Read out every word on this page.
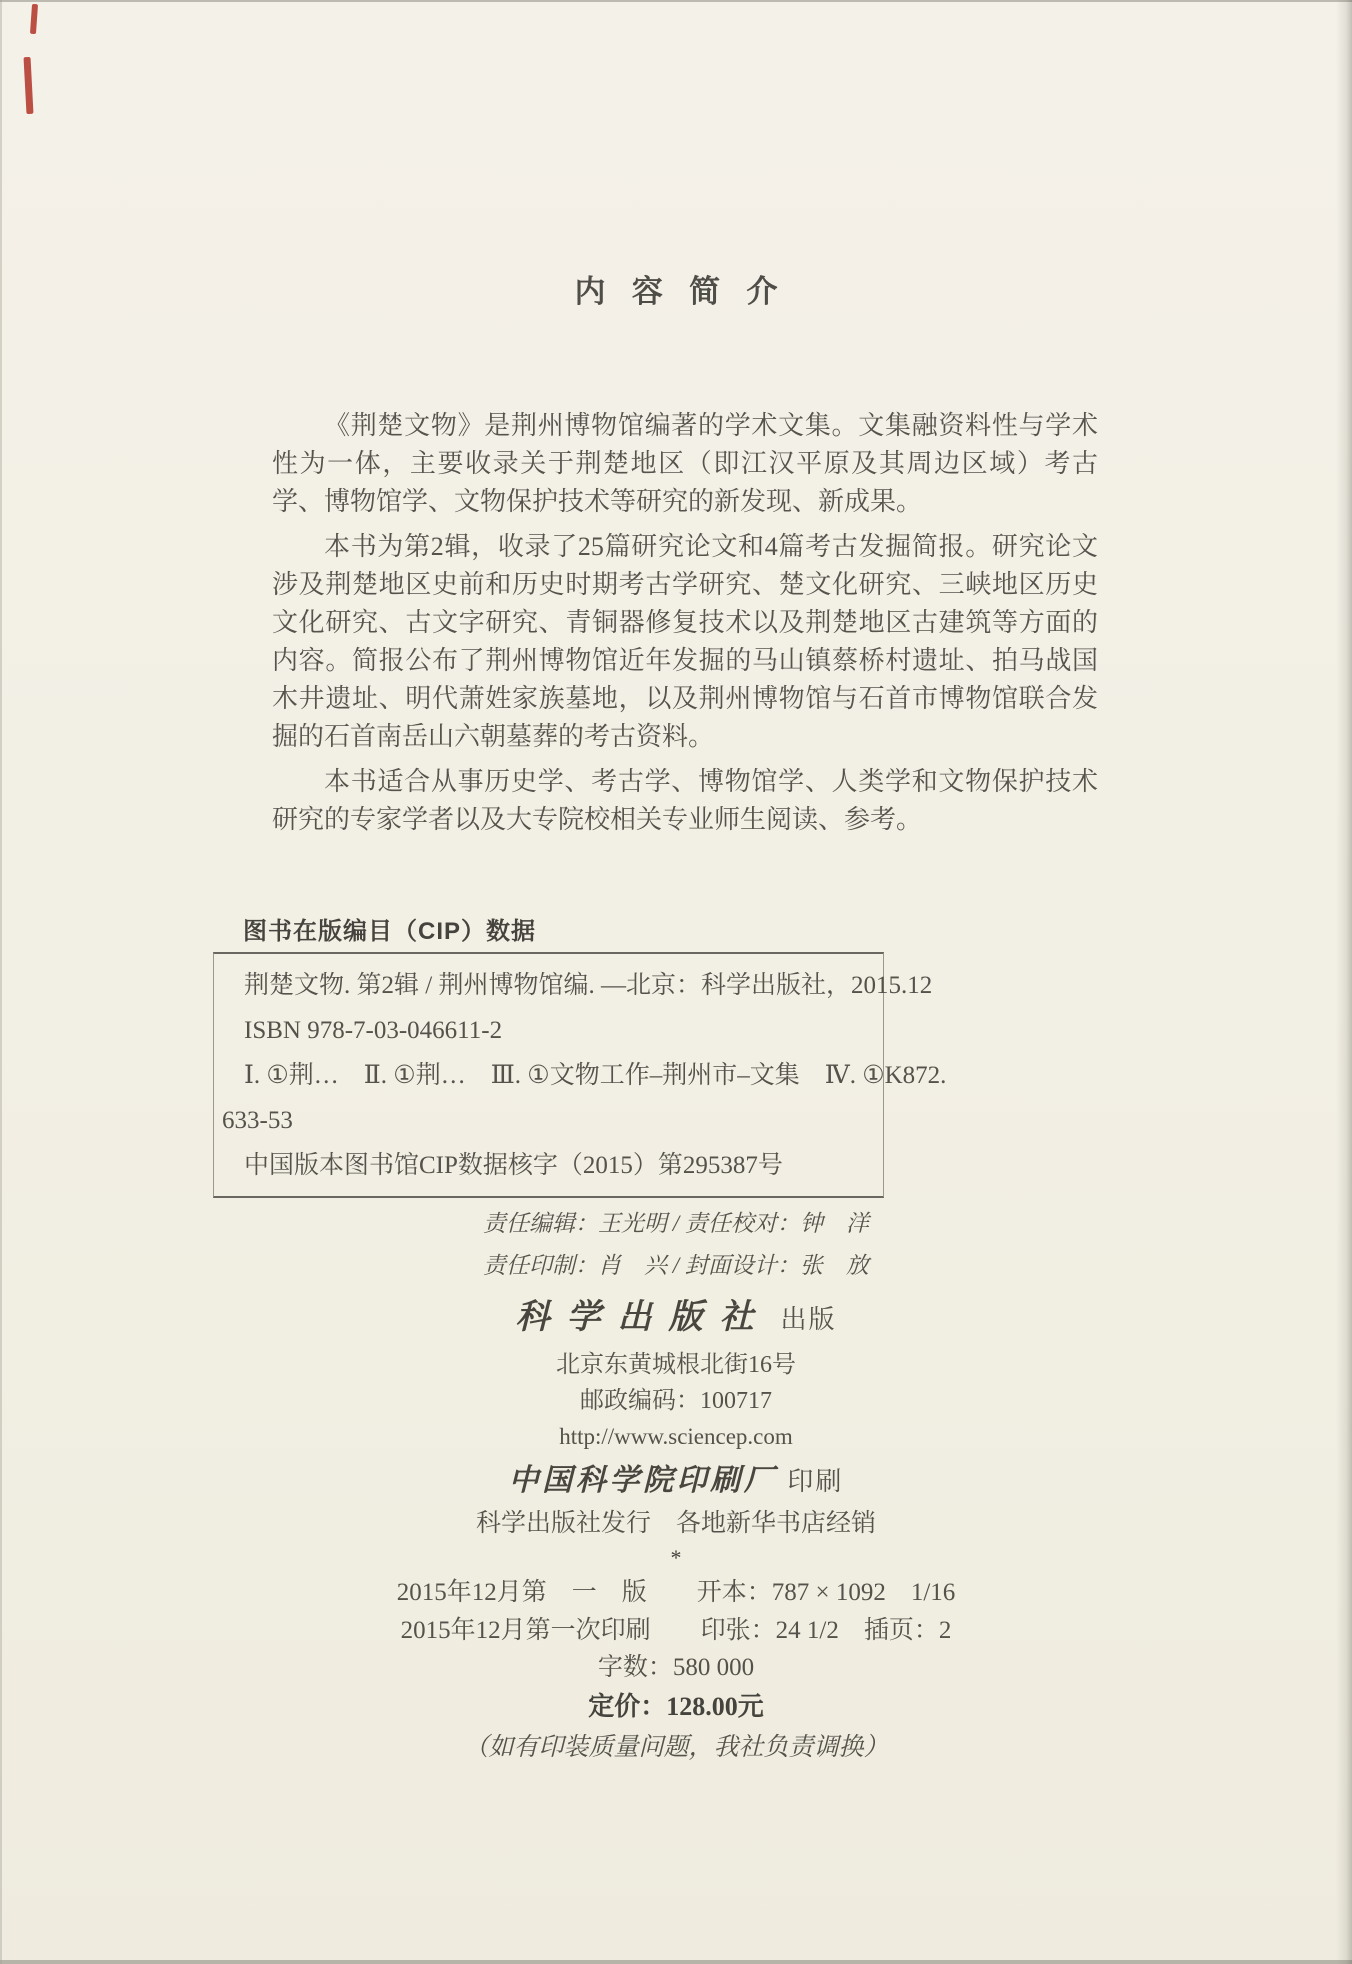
内容简介

《荆楚文物》是荆州博物馆编著的学术文集。文集融资料性与学术性为一体，主要收录关于荆楚地区（即江汉平原及其周边区域）考古学、博物馆学、文物保护技术等研究的新发现、新成果。

本书为第2辑，收录了25篇研究论文和4篇考古发掘简报。研究论文涉及荆楚地区史前和历史时期考古学研究、楚文化研究、三峡地区历史文化研究、古文字研究、青铜器修复技术以及荆楚地区古建筑等方面的内容。简报公布了荆州博物馆近年发掘的马山镇蔡桥村遗址、拍马战国木井遗址、明代萧姓家族墓地，以及荆州博物馆与石首市博物馆联合发掘的石首南岳山六朝墓葬的考古资料。

本书适合从事历史学、考古学、博物馆学、人类学和文物保护技术研究的专家学者以及大专院校相关专业师生阅读、参考。

图书在版编目（CIP）数据

荆楚文物. 第2辑 / 荆州博物馆编. —北京：科学出版社，2015.12

ISBN 978-7-03-046611-2

Ⅰ. ①荆…　Ⅱ. ①荆…　Ⅲ. ①文物工作–荆州市–文集　Ⅳ. ①K872.

633-53

中国版本图书馆CIP数据核字（2015）第295387号

责任编辑：王光明 / 责任校对：钟　洋
责任印制：肖　兴 / 封面设计：张　放
科学出版社 出版
北京东黄城根北街16号
邮政编码：100717
http://www.sciencep.com
中国科学院印刷厂 印刷
科学出版社发行　各地新华书店经销
*
2015年12月第　一　版　　开本：787 × 1092　1/16
2015年12月第一次印刷　　印张：24 1/2　插页：2
字数：580 000
定价：128.00元
（如有印装质量问题，我社负责调换）
